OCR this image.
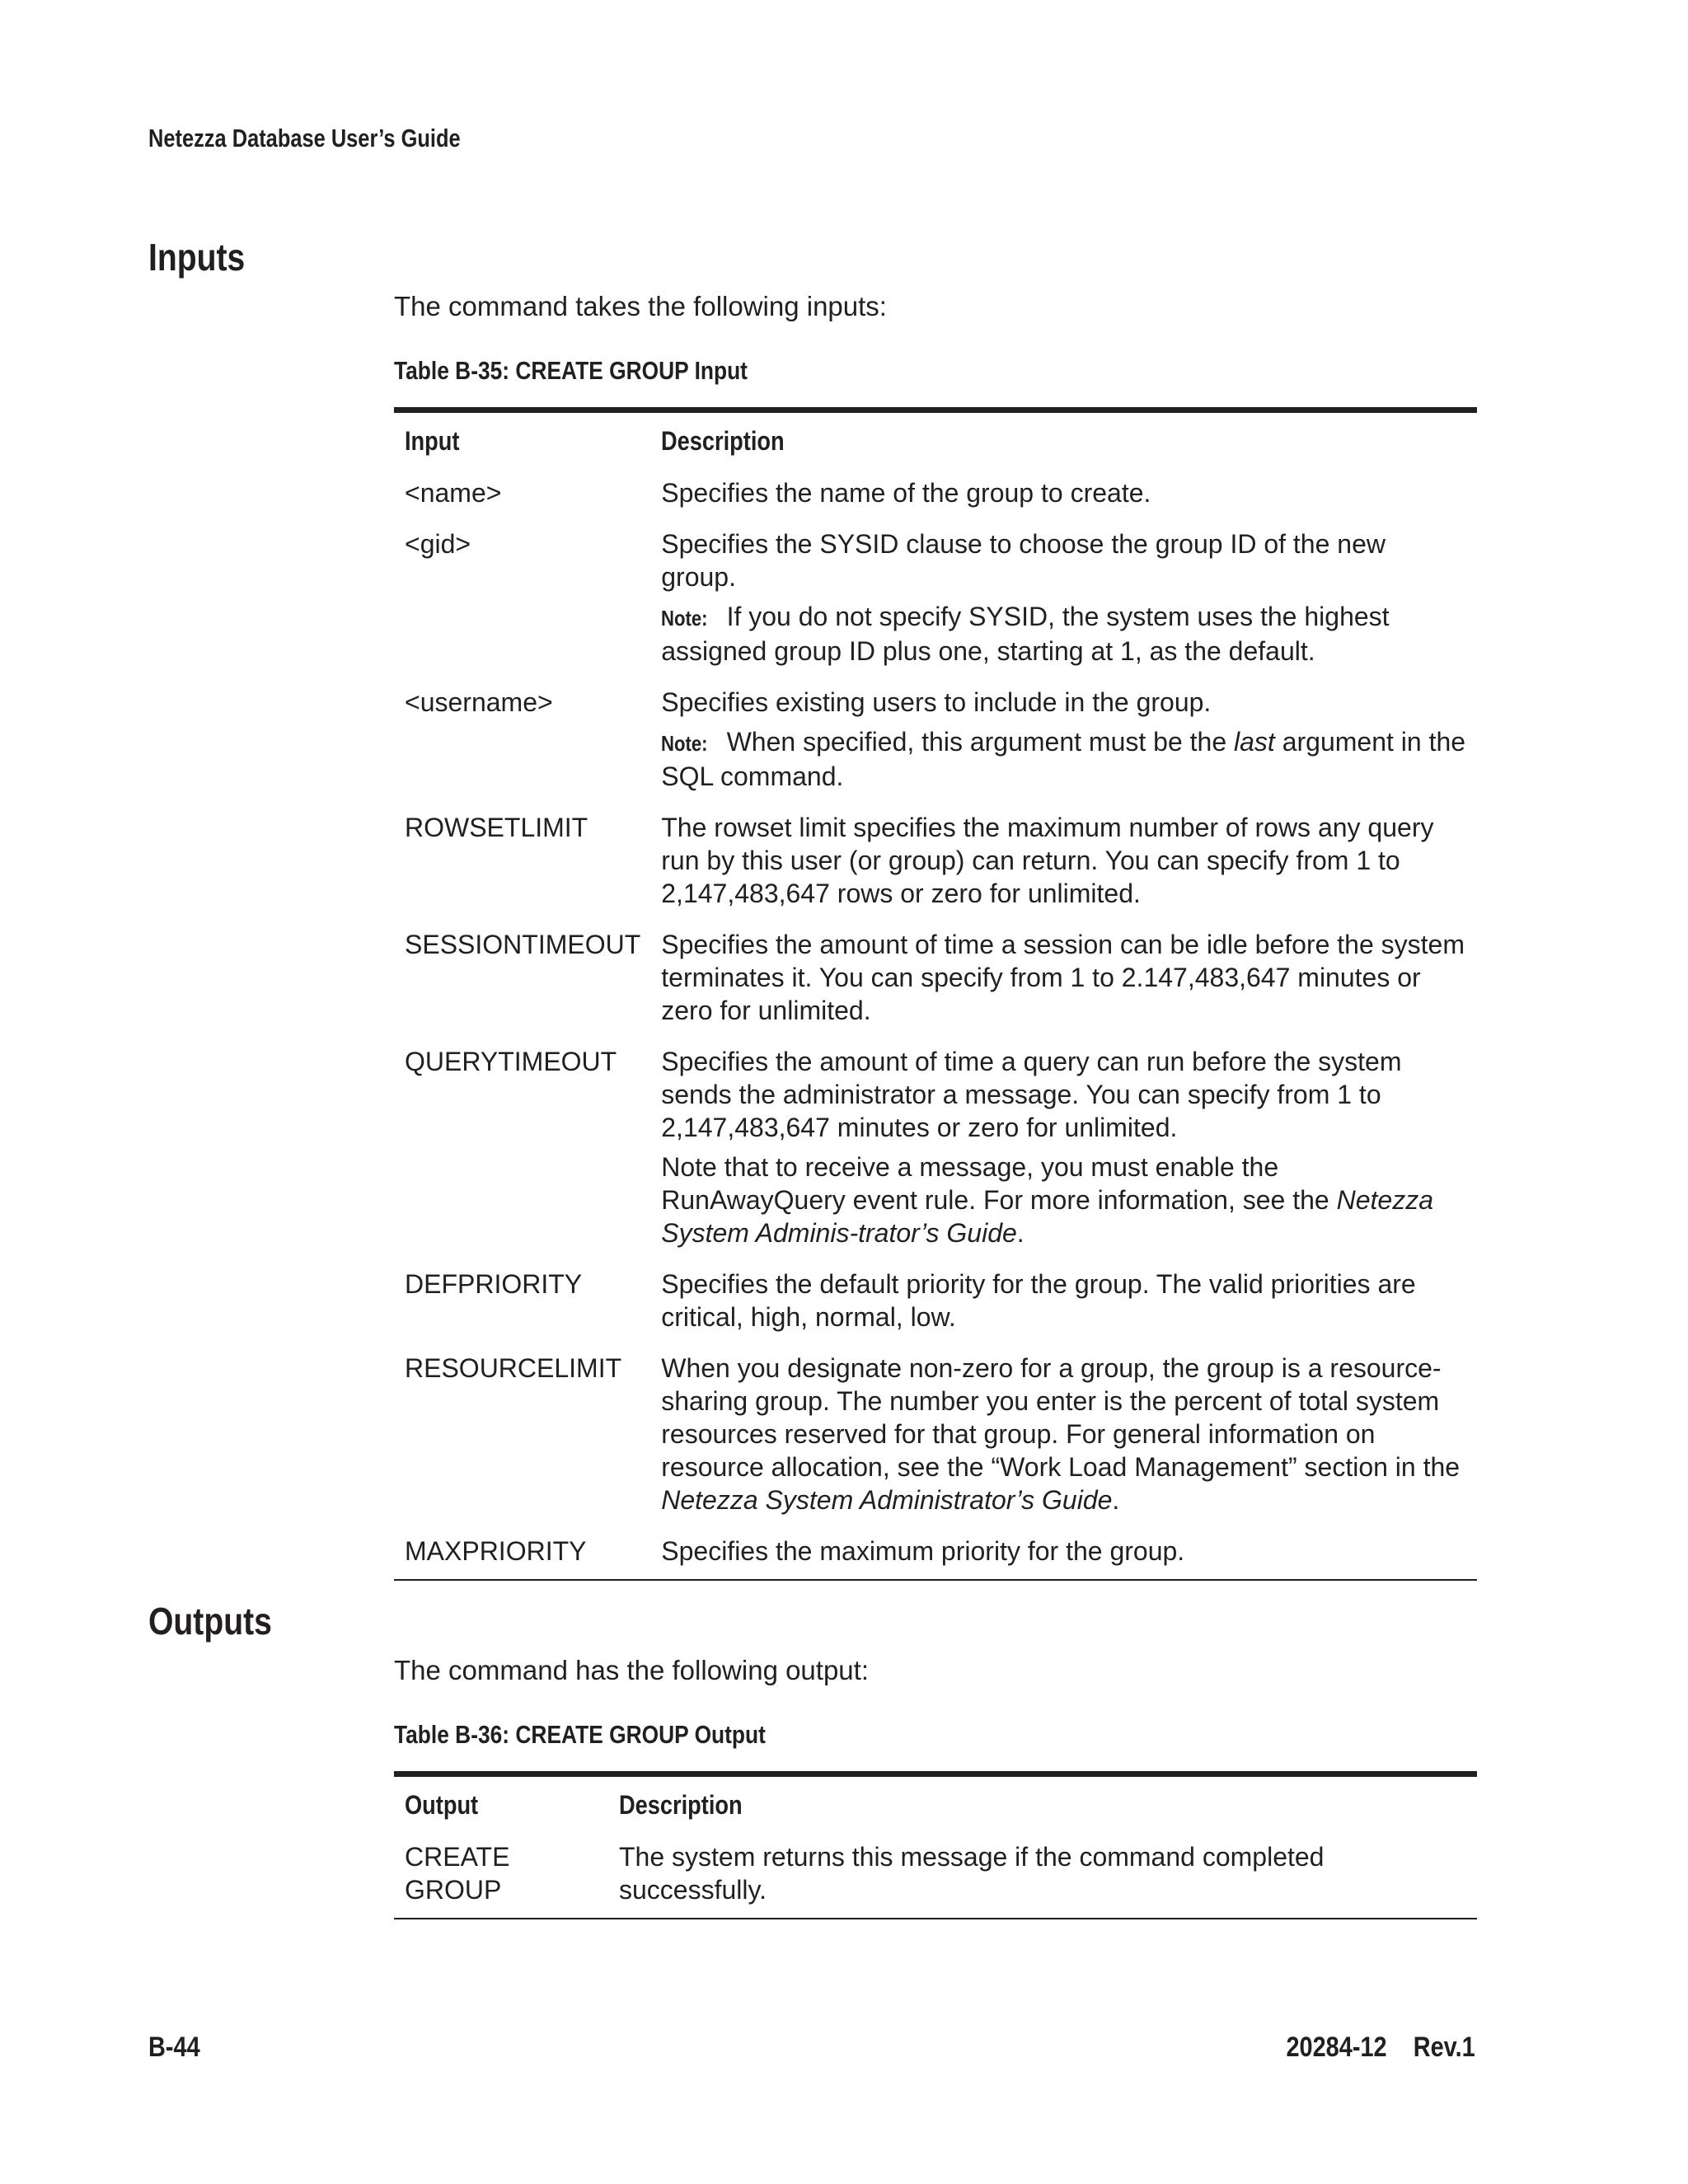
Netezza Database User’s Guide
Inputs
The command takes the following inputs:
Table B-35: CREATE GROUP Input
Input	Description
<name>	Specifies the name of the group to create.
<gid>	Specifies the SYSID clause to choose the group ID of the new group.
Note: If you do not specify SYSID, the system uses the highest assigned group ID plus one, starting at 1, as the default.

<username>	Specifies existing users to include in the group.
Note: When specified, this argument must be the last argument in the SQL command.

ROWSETLIMIT	The rowset limit specifies the maximum number of rows any query run by this user (or group) can return. You can specify from 1 to 2,147,483,647 rows or zero for unlimited.
SESSIONTIMEOUT	Specifies the amount of time a session can be idle before the system terminates it. You can specify from 1 to 2.147,483,647 minutes or zero for unlimited.
QUERYTIMEOUT	Specifies the amount of time a query can run before the system sends the administrator a message. You can specify from 1 to 2,147,483,647 minutes or zero for unlimited.
Note that to receive a message, you must enable the RunAwayQuery event rule. For more information, see the Netezza System Adminis-trator’s Guide.

DEFPRIORITY	Specifies the default priority for the group. The valid priorities are critical, high, normal, low.
RESOURCELIMIT	When you designate non-zero for a group, the group is a resource-sharing group. The number you enter is the percent of total system resources reserved for that group. For general information on resource allocation, see the “Work Load Management” section in the Netezza System Administrator’s Guide.
MAXPRIORITY	Specifies the maximum priority for the group.
Outputs
The command has the following output:
Table B-36: CREATE GROUP Output
Output	Description
CREATE GROUP	The system returns this message if the command completed successfully.
B-44	20284-12    Rev.1
